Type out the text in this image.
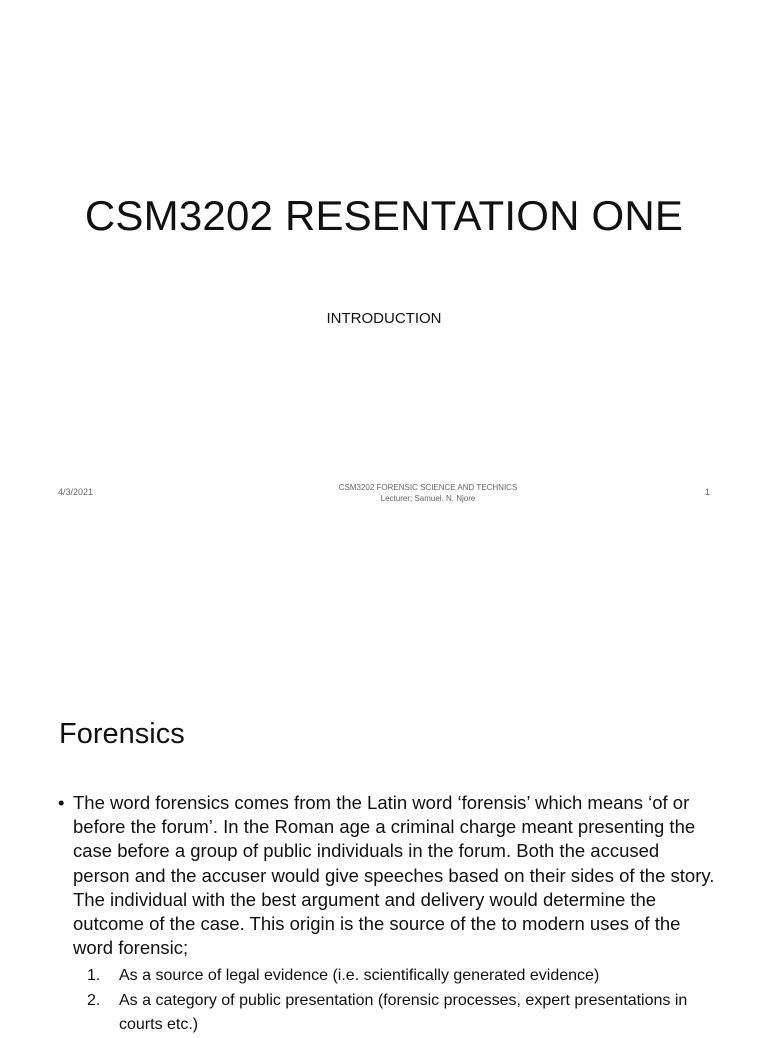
CSM3202 RESENTATION ONE
INTRODUCTION
4/3/2021	CSM3202 FORENSIC SCIENCE AND TECHNICS
Lecturer; Samuel. N. Njore
1
Forensics
• The word forensics comes from the Latin word ‘forensis’ which means ‘of or before the forum’. In the Roman age a criminal charge meant presenting the case before a group of public individuals in the forum. Both the accused person and the accuser would give speeches based on their sides of the story. The individual with the best argument and delivery would determine the outcome of the case. This origin is the source of the to modern uses of the word forensic;
1.	As a source of legal evidence (i.e. scientifically generated evidence)
2.	As a category of public presentation (forensic processes, expert presentations in courts etc.)
